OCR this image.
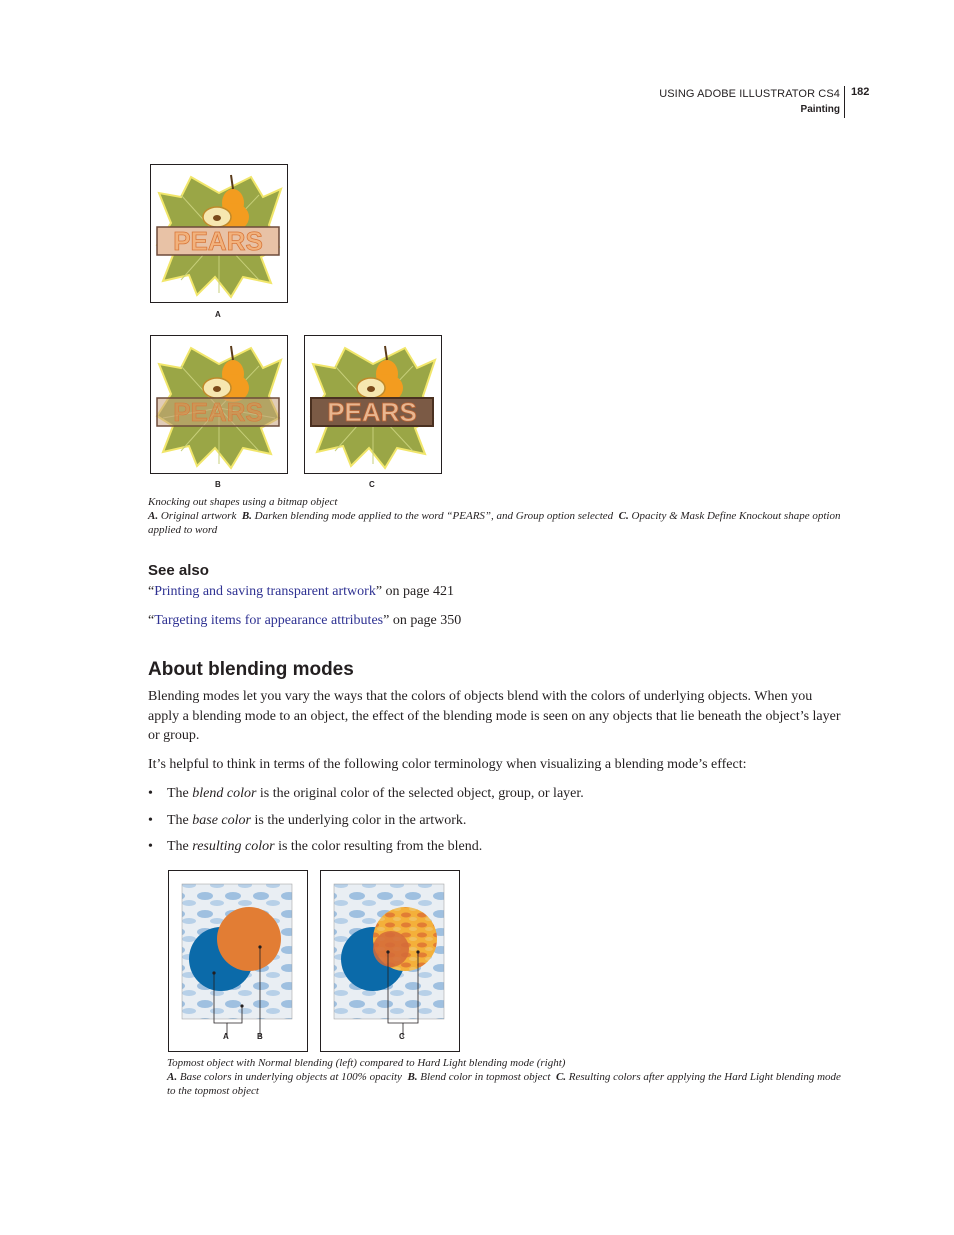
USING ADOBE ILLUSTRATOR CS4
Painting
182
PEARS
A
PEARS
B
PEARS
C
Knocking out shapes using a bitmap object
A. Original artwork B. Darken blending mode applied to the word “PEARS”, and Group option selected C. Opacity & Mask Define Knockout shape option applied to word
See also
“Printing and saving transparent artwork” on page 421
“Targeting items for appearance attributes” on page 350
About blending modes
Blending modes let you vary the ways that the colors of objects blend with the colors of underlying objects. When you apply a blending mode to an object, the effect of the blending mode is seen on any objects that lie beneath the object’s layer or group.
It’s helpful to think in terms of the following color terminology when visualizing a blending mode’s effect:
• The blend color is the original color of the selected object, group, or layer.
• The base color is the underlying color in the artwork.
• The resulting color is the color resulting from the blend.
A	B	C
Topmost object with Normal blending (left) compared to Hard Light blending mode (right)
A. Base colors in underlying objects at 100% opacity B. Blend color in topmost object C. Resulting colors after applying the Hard Light blending mode to the topmost object
